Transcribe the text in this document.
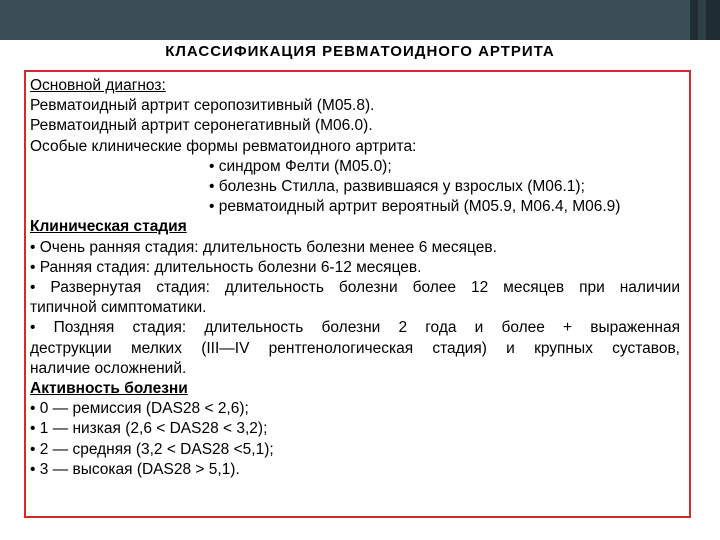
КЛАССИФИКАЦИЯ РЕВМАТОИДНОГО АРТРИТА

Основной диагноз:

Ревматоидный артрит серопозитивный (М05.8).

Ревматоидный артрит серонегативный (М06.0).

Особые клинические формы ревматоидного артрита:

• синдром Фелти (М05.0);

• болезнь Стилла, развившаяся у взрослых (М06.1);

• ревматоидный артрит вероятный (М05.9, М06.4, М06.9)

Клиническая стадия

• Очень ранняя стадия: длительность болезни менее 6 месяцев.

• Ранняя стадия: длительность болезни 6-12 месяцев.

• Развернутая стадия: длительность болезни более 12 месяцев при наличии

типичной симптоматики.

• Поздняя стадия: длительность болезни 2 года и более + выраженная

деструкции мелких (III—IV рентгенологическая стадия) и крупных суставов,

наличие осложнений.

Активность болезни

• 0 — ремиссия (DAS28 < 2,6);

• 1 — низкая (2,6 < DAS28 < 3,2);

• 2 — средняя (3,2 < DAS28 <5,1);

• 3 — высокая (DAS28 > 5,1).
